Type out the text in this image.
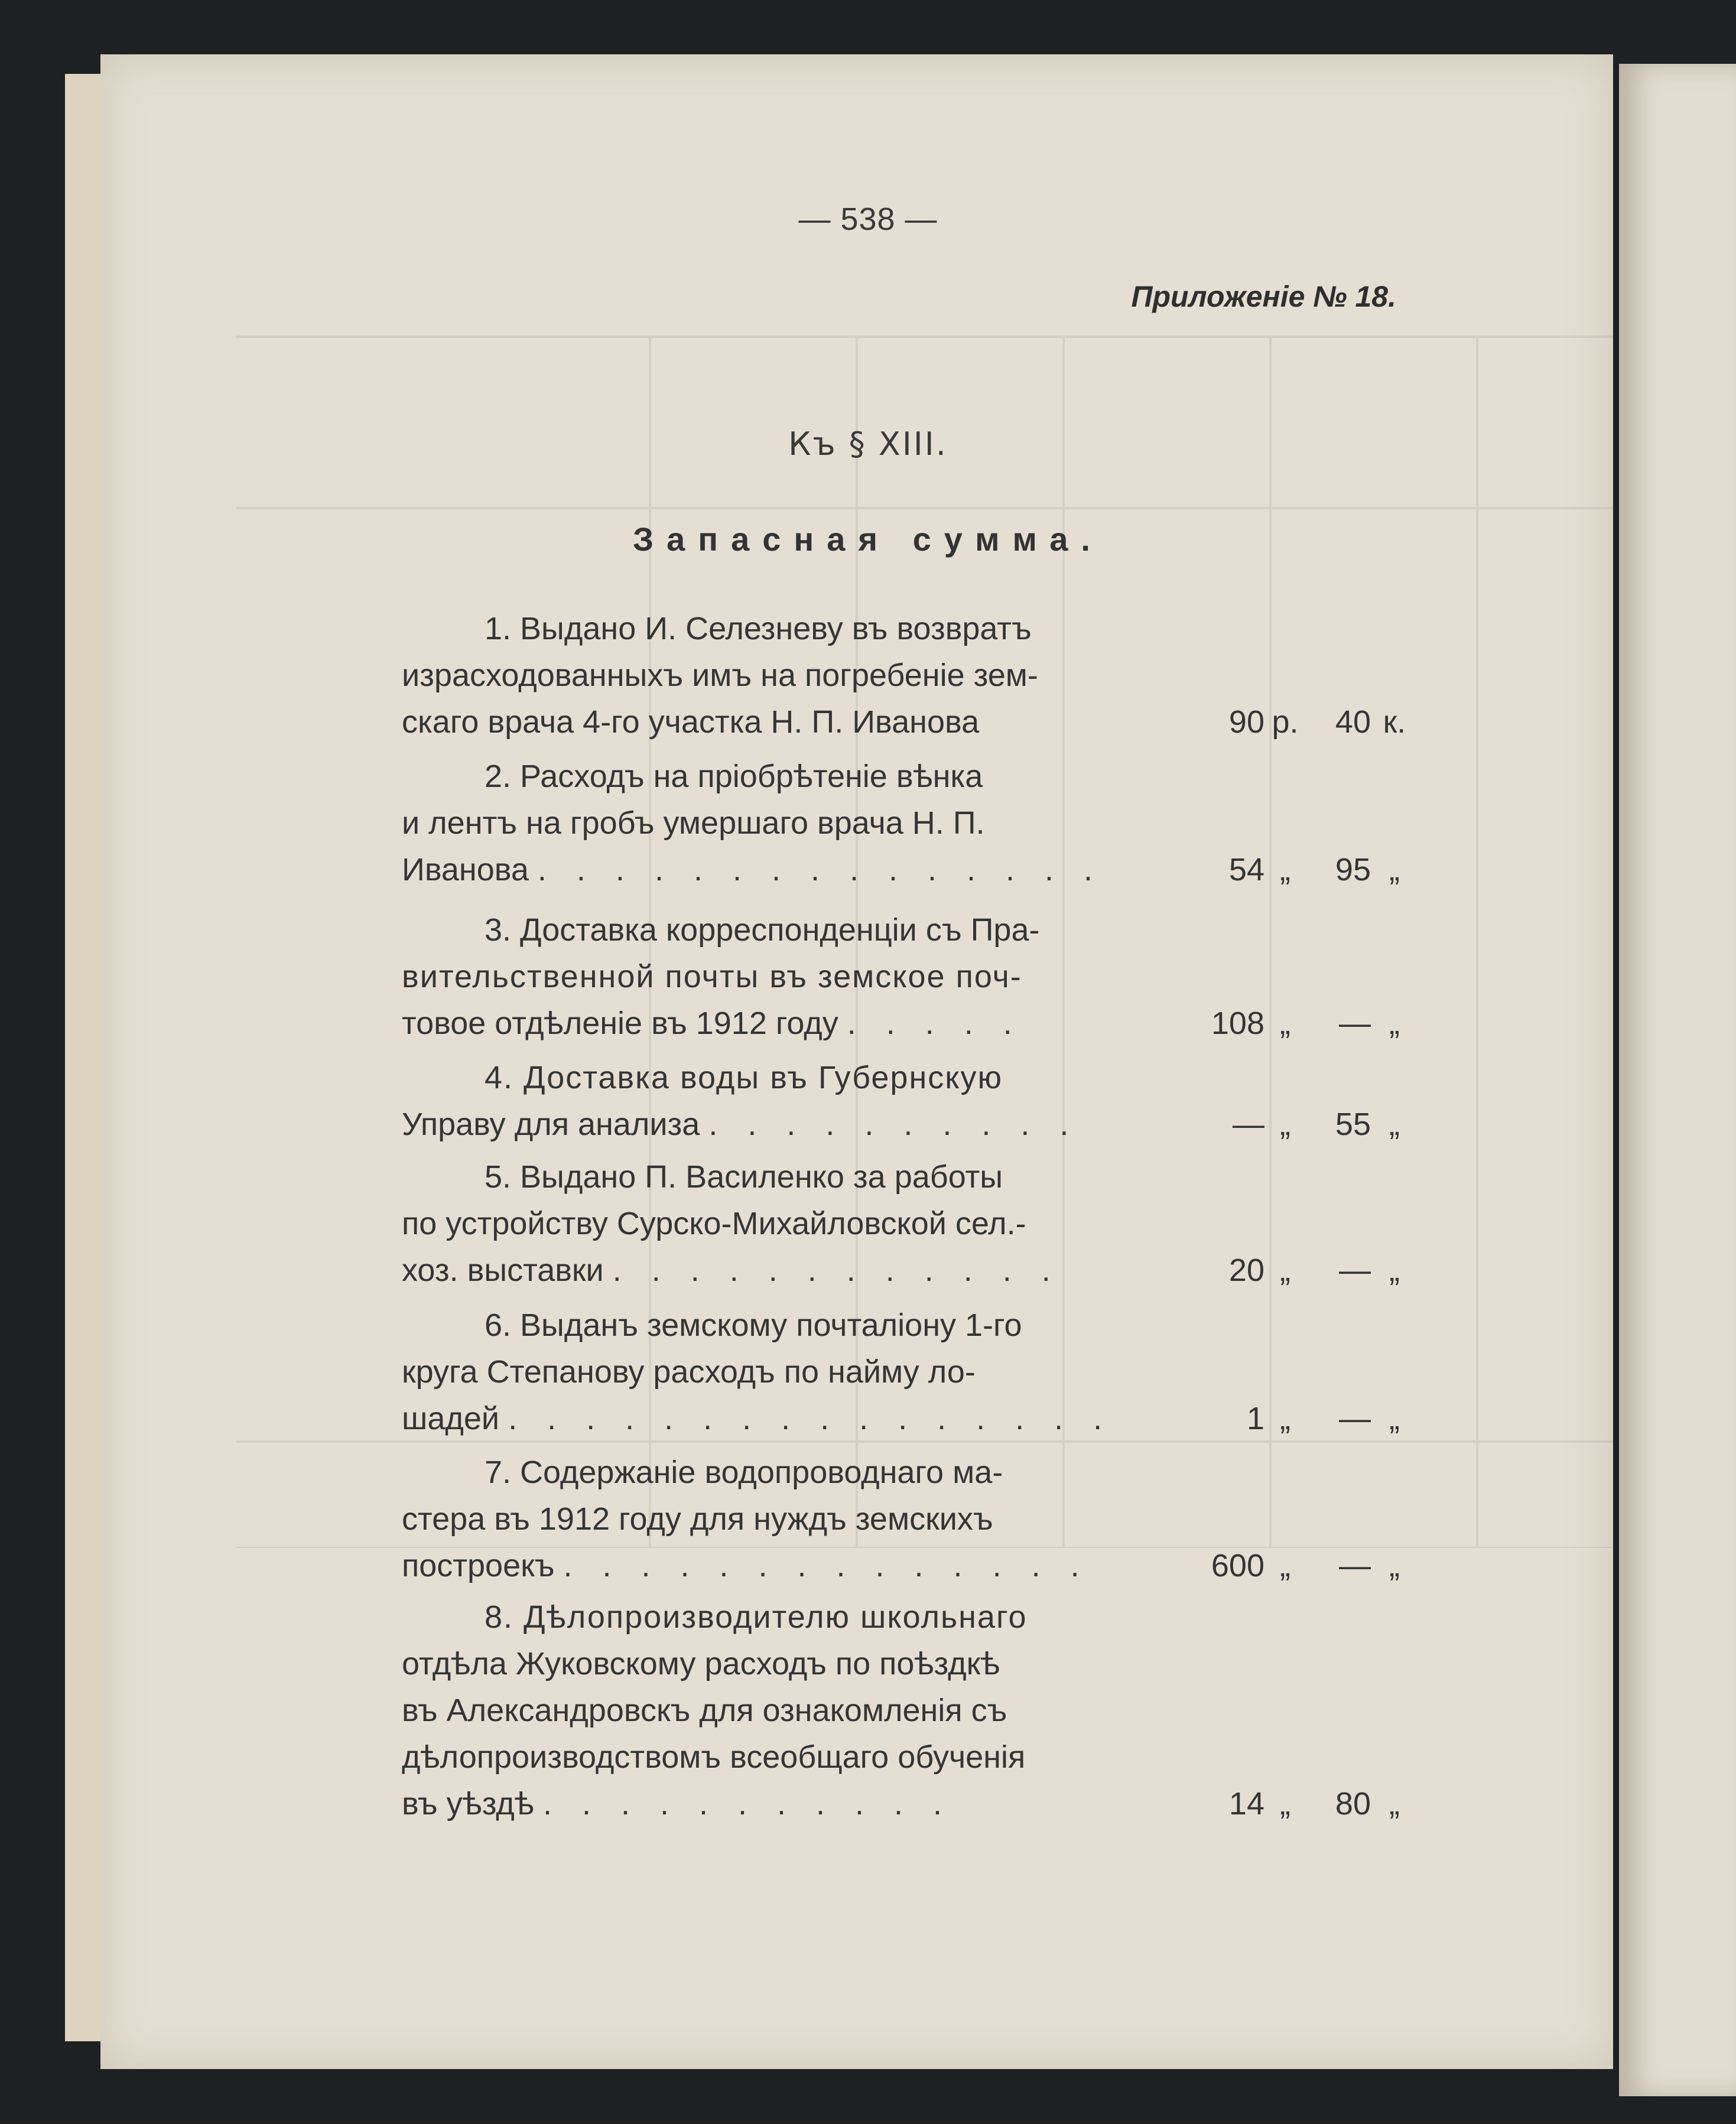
— 538 —
Приложенiе № 18.
Къ § XIII.
Запасная сумма.
1. Выдано И. Селезневу въ возвратъ
израсходованныхъ имъ на погребенiе зем-
скаго врача 4-го участка Н. П. Иванова	90 р. 40 к.
2. Расходъ на прiобрѣтенiе вѣнка
и лентъ на гробъ умершаго врача Н. П.
Иванова . . . . . . . . . . . . . . .	54 „ 95 „
3. Доставка корреспонденцiи съ Пра-
вительственной почты въ земское поч-
товое отдѣленiе въ 1912 году . . . . .	108 „ — „
4. Доставка воды въ Губернскую
Управу для анализа . . . . . . . . . .	— „ 55 „
5. Выдано П. Василенко за работы
по устройству Сурско-Михайловской сел.-
хоз. выставки . . . . . . . . . . . .	20 „ — „
6. Выданъ земскому почталiону 1-го
круга Степанову расходъ по найму ло-
шадей . . . . . . . . . . . . . . . .	1 „ — „
7. Содержанiе водопроводнаго ма-
стера въ 1912 году для нуждъ земскихъ
построекъ . . . . . . . . . . . . . .	600 „ — „
8. Дѣлопроизводителю школьнаго
отдѣла Жуковскому расходъ по поѣздкѣ
въ Александровскъ для ознакомленiя съ
дѣлопроизводствомъ всеобщаго обученiя
въ уѣздѣ . . . . . . . . . . .	14 „ 80 „
